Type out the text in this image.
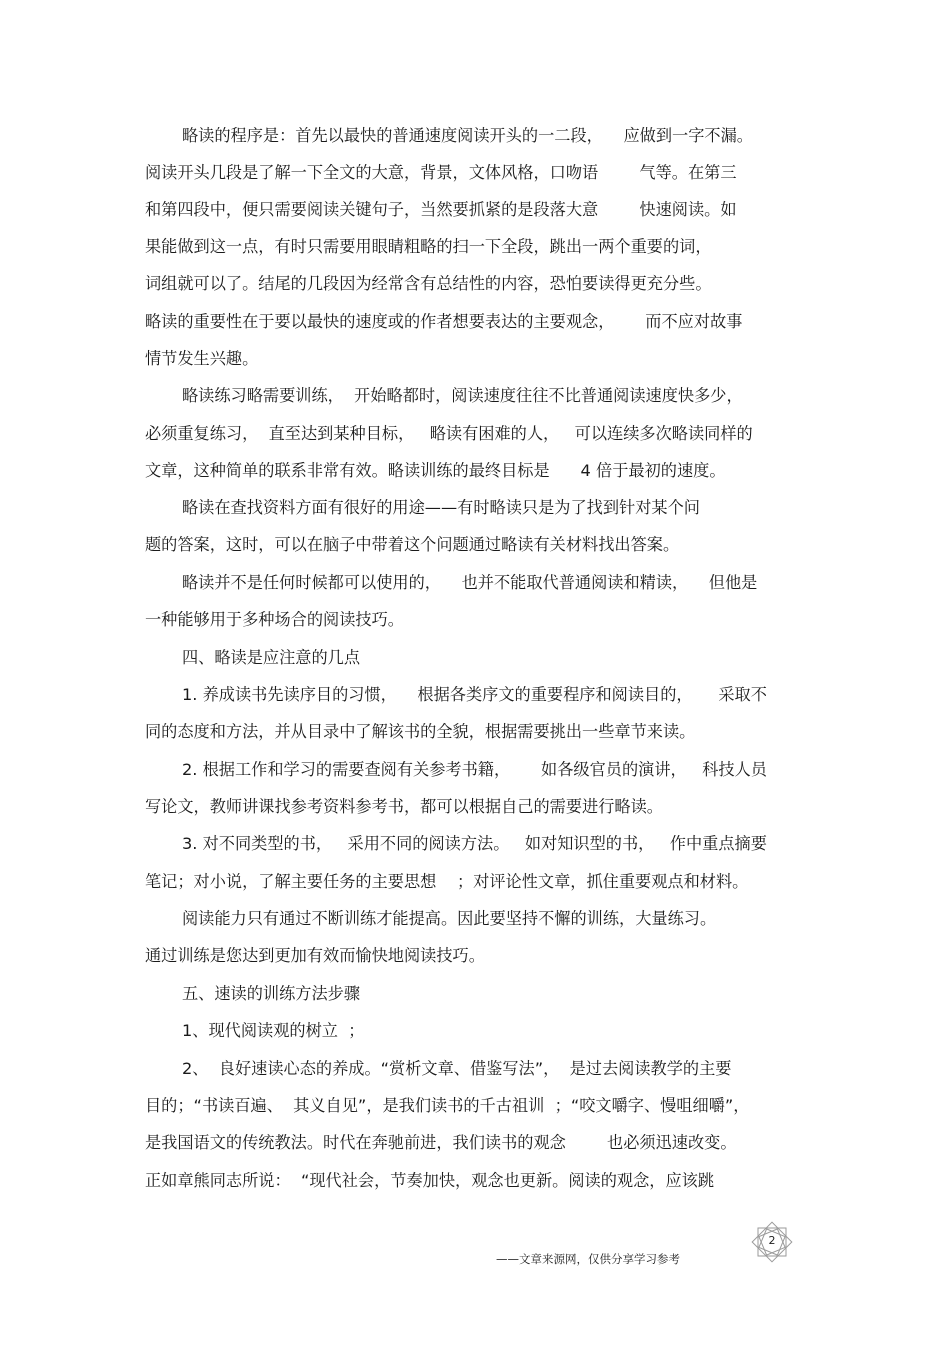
略读的程序是：首先以最快的普通速度阅读开头的一二段，    应做到一字不漏。

阅读开头几段是了解一下全文的大意，背景，文体风格，口吻语        气等。在第三

和第四段中，便只需要阅读关键句子，当然要抓紧的是段落大意        快速阅读。如

果能做到这一点，有时只需要用眼睛粗略的扫一下全段，跳出一两个重要的词，

词组就可以了。结尾的几段因为经常含有总结性的内容，恐怕要读得更充分些。

略读的重要性在于要以最快的速度或的作者想要表达的主要观念，      而不应对故事

情节发生兴趣。

略读练习略需要训练，  开始略都时，阅读速度往往不比普通阅读速度快多少，

必须重复练习，  直至达到某种目标，   略读有困难的人，   可以连续多次略读同样的

文章，这种简单的联系非常有效。略读训练的最终目标是      4 倍于最初的速度。

略读在查找资料方面有很好的用途——有时略读只是为了找到针对某个问

题的答案，这时，可以在脑子中带着这个问题通过略读有关材料找出答案。

略读并不是任何时候都可以使用的，    也并不能取代普通阅读和精读，    但他是

一种能够用于多种场合的阅读技巧。

四、略读是应注意的几点

1. 养成读书先读序目的习惯，    根据各类序文的重要程序和阅读目的，     采取不

同的态度和方法，并从目录中了解该书的全貌，根据需要挑出一些章节来读。

2. 根据工作和学习的需要查阅有关参考书籍，      如各级官员的演讲，   科技人员

写论文，教师讲课找参考资料参考书，都可以根据自己的需要进行略读。

3. 对不同类型的书，   采用不同的阅读方法。   如对知识型的书，   作中重点摘要

笔记；对小说，了解主要任务的主要思想    ；对评论性文章，抓住重要观点和材料。

阅读能力只有通过不断训练才能提高。因此要坚持不懈的训练，大量练习。

通过训练是您达到更加有效而愉快地阅读技巧。

五、速读的训练方法步骤

1、现代阅读观的树立  ；

2、  良好速读心态的养成。“赏析文章、借鉴写法”，  是过去阅读教学的主要

目的；“书读百遍、  其义自见”，是我们读书的千古祖训  ；“咬文嚼字、慢咀细嚼”，

是我国语文的传统教法。时代在奔驰前进，我们读书的观念        也必须迅速改变。

正如章熊同志所说：  “现代社会，节奏加快，观念也更新。阅读的观念，应该跳

2
——文章来源网，仅供分享学习参考
